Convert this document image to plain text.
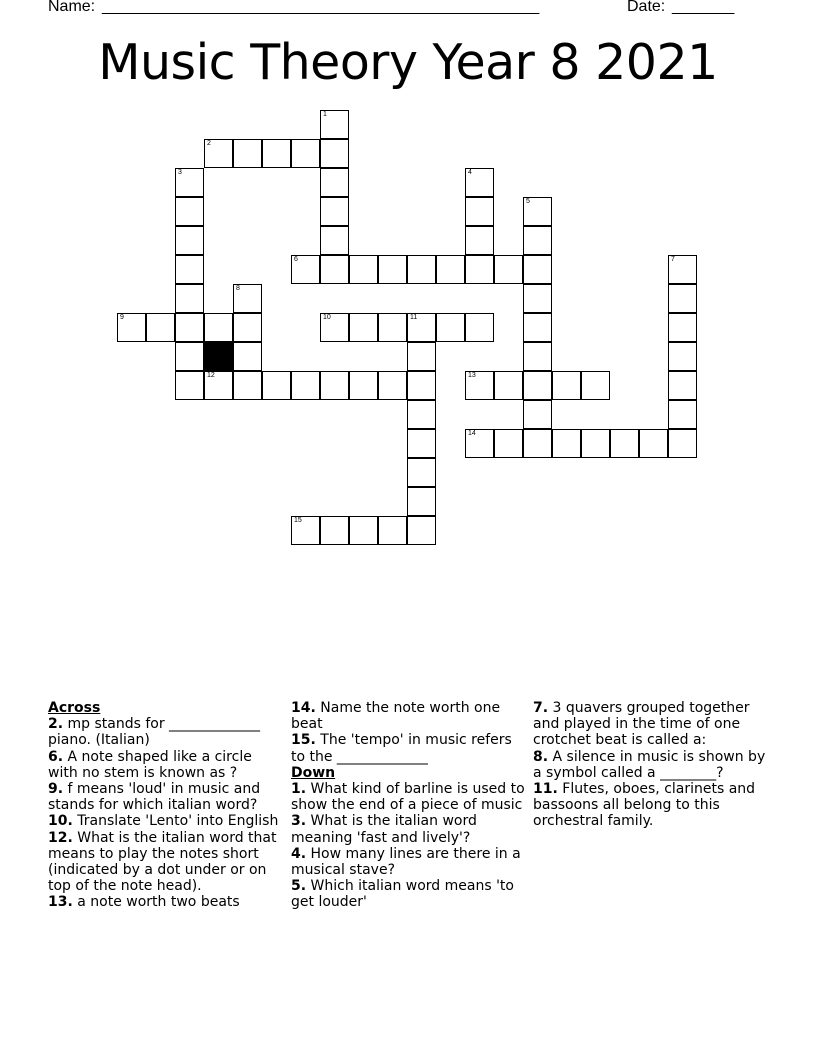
Name: ____________________________________________________	Date: _______
Music Theory Year 8 2021
1
2
3	4
5
6	7
8
9	10	11
12	13
14
15
Across
2. mp stands for _____________ piano. (Italian)
6. A note shaped like a circle with no stem is known as ?
9. f means 'loud' in music and stands for which italian word?
10. Translate 'Lento' into English
12. What is the italian word that means to play the notes short (indicated by a dot under or on top of the note head).
13. a note worth two beats
14. Name the note worth one beat
15. The 'tempo' in music refers to the _____________
Down
1. What kind of barline is used to show the end of a piece of music
3. What is the italian word meaning 'fast and lively'?
4. How many lines are there in a musical stave?
5. Which italian word means 'to get louder'
7. 3 quavers grouped together and played in the time of one crotchet beat is called a:
8. A silence in music is shown by a symbol called a ________?
11. Flutes, oboes, clarinets and bassoons all belong to this orchestral family.
